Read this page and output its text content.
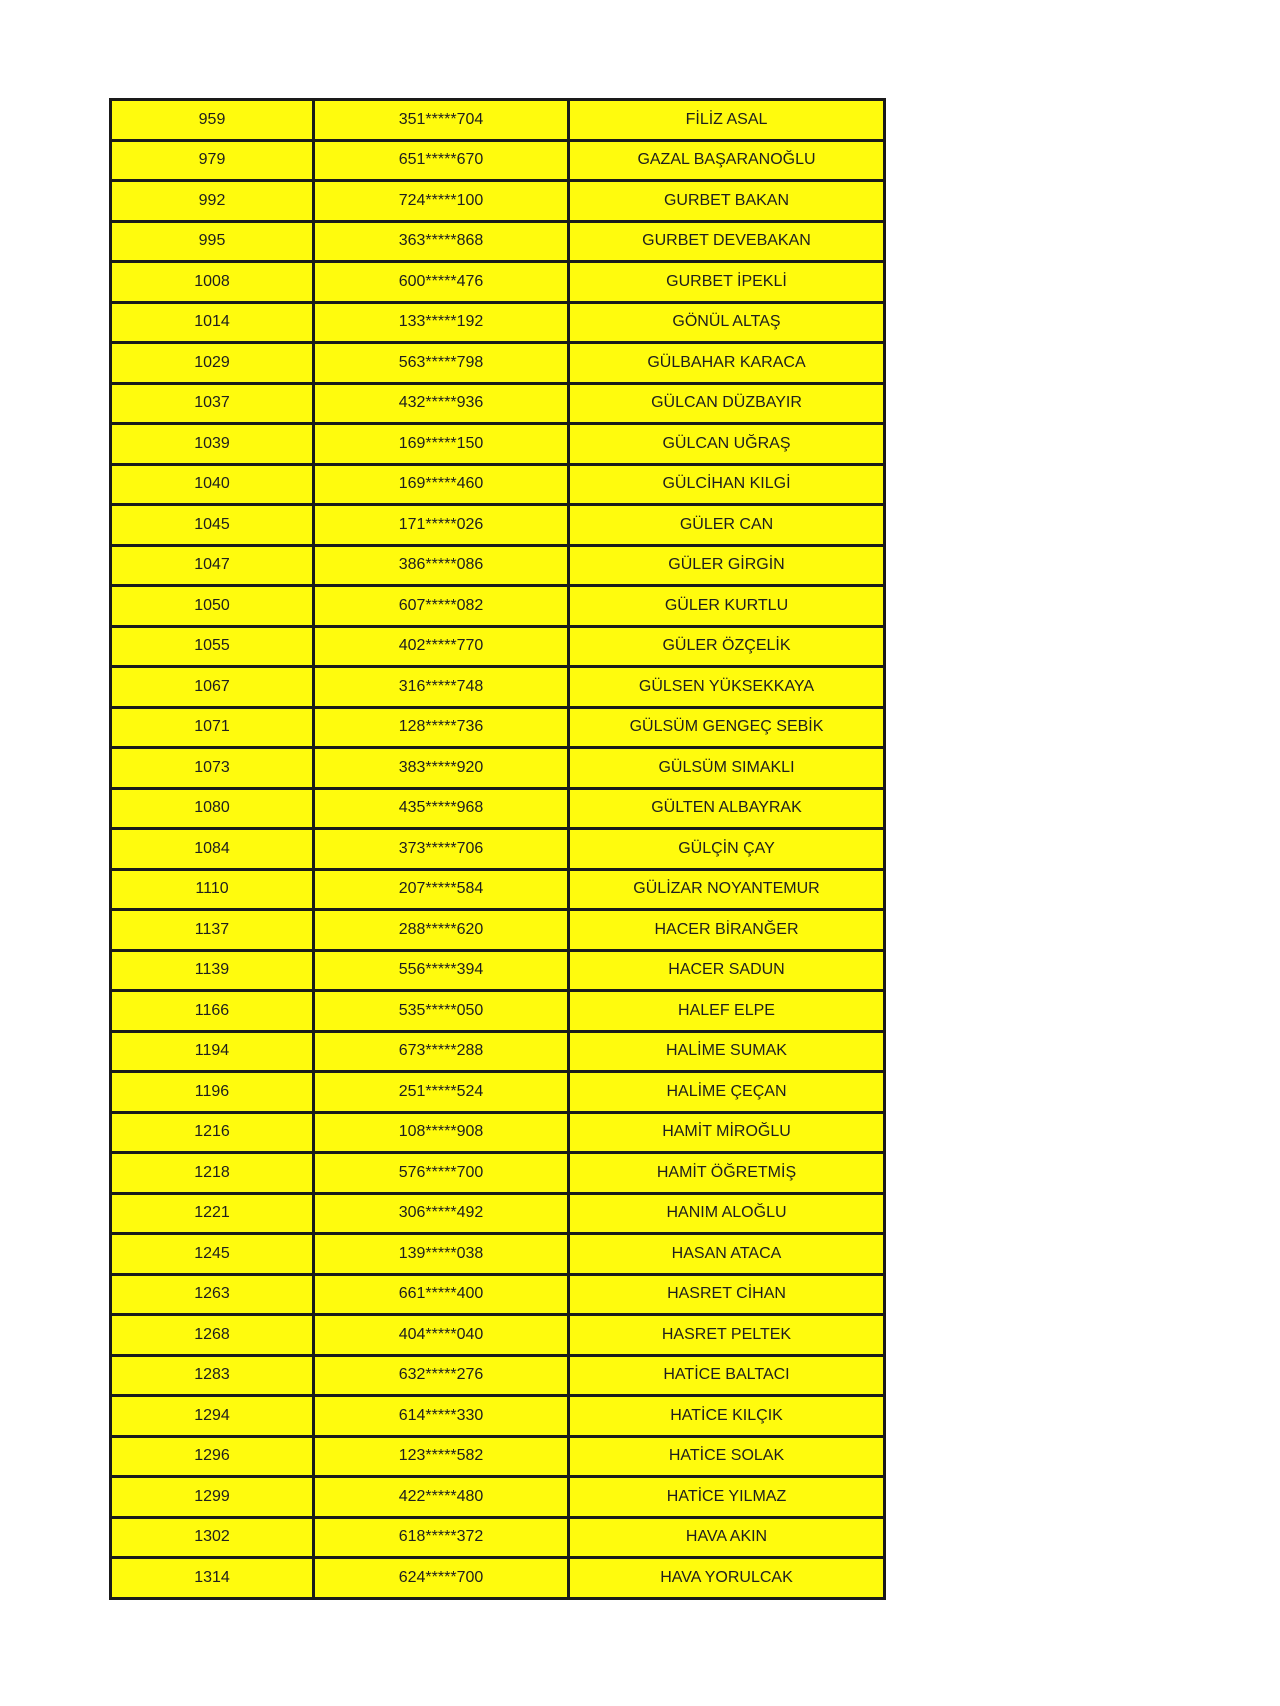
959	351*****704	FİLİZ ASAL
979	651*****670	GAZAL BAŞARANOĞLU
992	724*****100	GURBET BAKAN
995	363*****868	GURBET DEVEBAKAN
1008	600*****476	GURBET İPEKLİ
1014	133*****192	GÖNÜL ALTAŞ
1029	563*****798	GÜLBAHAR KARACA
1037	432*****936	GÜLCAN DÜZBAYIR
1039	169*****150	GÜLCAN UĞRAŞ
1040	169*****460	GÜLCİHAN KILGİ
1045	171*****026	GÜLER CAN
1047	386*****086	GÜLER GİRGİN
1050	607*****082	GÜLER KURTLU
1055	402*****770	GÜLER ÖZÇELİK
1067	316*****748	GÜLSEN YÜKSEKKAYA
1071	128*****736	GÜLSÜM GENGEÇ SEBİK
1073	383*****920	GÜLSÜM SIMAKLI
1080	435*****968	GÜLTEN ALBAYRAK
1084	373*****706	GÜLÇİN ÇAY
1110	207*****584	GÜLİZAR NOYANTEMUR
1137	288*****620	HACER BİRANĞER
1139	556*****394	HACER SADUN
1166	535*****050	HALEF ELPE
1194	673*****288	HALİME SUMAK
1196	251*****524	HALİME ÇEÇAN
1216	108*****908	HAMİT MİROĞLU
1218	576*****700	HAMİT ÖĞRETMİŞ
1221	306*****492	HANIM ALOĞLU
1245	139*****038	HASAN ATACA
1263	661*****400	HASRET CİHAN
1268	404*****040	HASRET PELTEK
1283	632*****276	HATİCE BALTACI
1294	614*****330	HATİCE KILÇIK
1296	123*****582	HATİCE SOLAK
1299	422*****480	HATİCE YILMAZ
1302	618*****372	HAVA AKIN
1314	624*****700	HAVA YORULCAK
